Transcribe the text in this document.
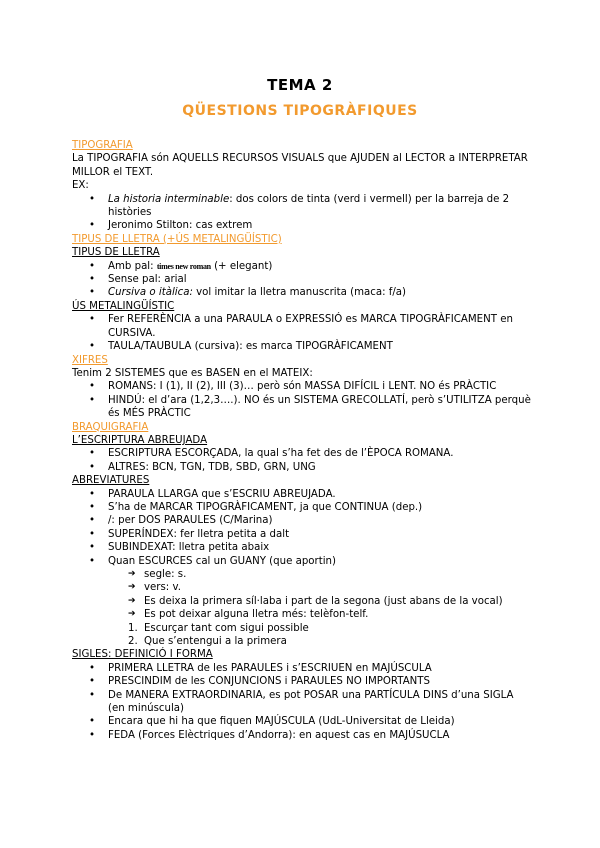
TEMA 2
QÜESTIONS TIPOGRÀFIQUES
TIPOGRAFIA
La TIPOGRAFIA són AQUELLS RECURSOS VISUALS que AJUDEN al LECTOR a INTERPRETAR MILLOR el TEXT.
EX:
• La historia interminable: dos colors de tinta (verd i vermell) per la barreja de 2 històries
• Jeronimo Stilton: cas extrem
TIPUS DE LLETRA (+ÚS METALINGÜÍSTIC)
TIPUS DE LLETRA
• Amb pal: times new roman (+ elegant)
• Sense pal: arial
• Cursiva o itàlica: vol imitar la lletra manuscrita (maca: f/a)
ÚS METALINGÜÍSTIC
• Fer REFERÈNCIA a una PARAULA o EXPRESSIÓ es MARCA TIPOGRÀFICAMENT en CURSIVA.
• TAULA/TAUBULA (cursiva): es marca TIPOGRÀFICAMENT
XIFRES
Tenim 2 SISTEMES que es BASEN en el MATEIX:
• ROMANS: I (1), II (2), III (3)… però són MASSA DIFÍCIL i LENT. NO és PRÀCTIC
• HINDÚ: el d’ara (1,2,3….). NO és un SISTEMA GRECOLLATÍ, però s’UTILITZA perquè és MÉS PRÀCTIC
BRAQUIGRAFIA
L’ESCRIPTURA ABREUJADA
• ESCRIPTURA ESCORÇADA, la qual s’ha fet des de l’ÈPOCA ROMANA.
• ALTRES: BCN, TGN, TDB, SBD, GRN, UNG
ABREVIATURES
• PARAULA LLARGA que s’ESCRIU ABREUJADA.
• S’ha de MARCAR TIPOGRÀFICAMENT, ja que CONTINUA (dep.)
• /: per DOS PARAULES (C/Marina)
• SUPERÍNDEX: fer lletra petita a dalt
• SUBINDEXAT: lletra petita abaix
• Quan ESCURCES cal un GUANY (que aportin)
➔ segle: s.
➔ vers: v.
➔ Es deixa la primera síl·laba i part de la segona (just abans de la vocal)
➔ Es pot deixar alguna lletra més: telèfon-telf.
1. Escurçar tant com sigui possible
2. Que s’entengui a la primera
SIGLES: DEFINICIÓ I FORMA
• PRIMERA LLETRA de les PARAULES i s’ESCRIUEN en MAJÚSCULA
• PRESCINDIM de les CONJUNCIONS i PARAULES NO IMPORTANTS
• De MANERA EXTRAORDINARIA, es pot POSAR una PARTÍCULA DINS d’una SIGLA (en minúscula)
• Encara que hi ha que fiquen MAJÚSCULA (UdL-Universitat de Lleida)
• FEDA (Forces Elèctriques d’Andorra): en aquest cas en MAJÚSUCLA
